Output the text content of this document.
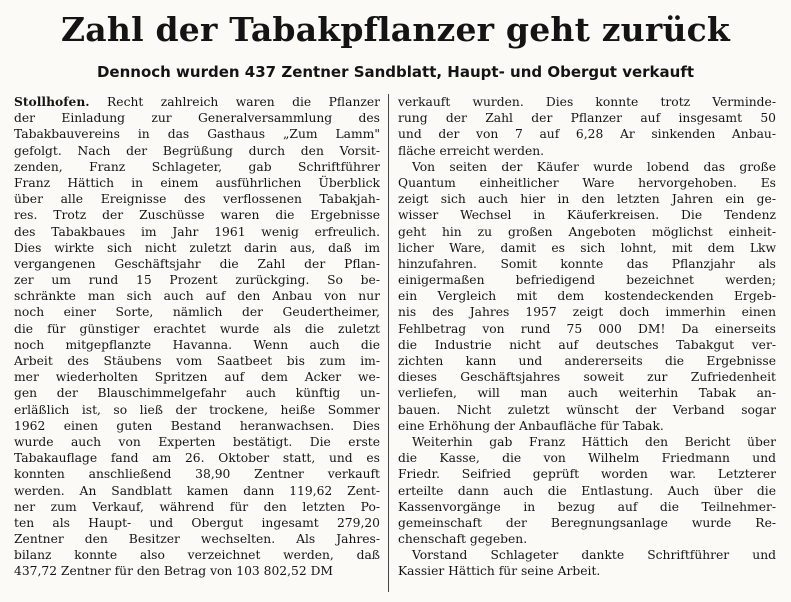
Zahl der Tabakpflanzer geht zurück
Dennoch wurden 437 Zentner Sandblatt, Haupt- und Obergut verkauft
Stollhofen. Recht zahlreich waren die Pflanzer
der Einladung zur Generalversammlung des
Tabakbauvereins in das Gasthaus „Zum Lamm"
gefolgt. Nach der Begrüßung durch den Vorsit-
zenden, Franz Schlageter, gab Schriftführer
Franz Hättich in einem ausführlichen Überblick
über alle Ereignisse des verflossenen Tabakjah-
res. Trotz der Zuschüsse waren die Ergebnisse
des Tabakbaues im Jahr 1961 wenig erfreulich.
Dies wirkte sich nicht zuletzt darin aus, daß im
vergangenen Geschäftsjahr die Zahl der Pflan-
zer um rund 15 Prozent zurückging. So be-
schränkte man sich auch auf den Anbau von nur
noch einer Sorte, nämlich der Geudertheimer,
die für günstiger erachtet wurde als die zuletzt
noch mitgepflanzte Havanna. Wenn auch die
Arbeit des Stäubens vom Saatbeet bis zum im-
mer wiederholten Spritzen auf dem Acker we-
gen der Blauschimmelgefahr auch künftig un-
erläßlich ist, so ließ der trockene, heiße Sommer
1962 einen guten Bestand heranwachsen. Dies
wurde auch von Experten bestätigt. Die erste
Tabakauflage fand am 26. Oktober statt, und es
konnten anschließend 38,90 Zentner verkauft
werden. An Sandblatt kamen dann 119,62 Zent-
ner zum Verkauf, während für den letzten Po-
ten als Haupt- und Obergut ingesamt 279,20
Zentner den Besitzer wechselten. Als Jahres-
bilanz konnte also verzeichnet werden, daß
437,72 Zentner für den Betrag von 103 802,52 DM
verkauft wurden. Dies konnte trotz Verminde-
rung der Zahl der Pflanzer auf insgesamt 50
und der von 7 auf 6,28 Ar sinkenden Anbau-
fläche erreicht werden.
Von seiten der Käufer wurde lobend das große
Quantum einheitlicher Ware hervorgehoben. Es
zeigt sich auch hier in den letzten Jahren ein ge-
wisser Wechsel in Käuferkreisen. Die Tendenz
geht hin zu großen Angeboten möglichst einheit-
licher Ware, damit es sich lohnt, mit dem Lkw
hinzufahren. Somit konnte das Pflanzjahr als
einigermaßen befriedigend bezeichnet werden;
ein Vergleich mit dem kostendeckenden Ergeb-
nis des Jahres 1957 zeigt doch immerhin einen
Fehlbetrag von rund 75 000 DM! Da einerseits
die Industrie nicht auf deutsches Tabakgut ver-
zichten kann und andererseits die Ergebnisse
dieses Geschäftsjahres soweit zur Zufriedenheit
verliefen, will man auch weiterhin Tabak an-
bauen. Nicht zuletzt wünscht der Verband sogar
eine Erhöhung der Anbaufläche für Tabak.
Weiterhin gab Franz Hättich den Bericht über
die Kasse, die von Wilhelm Friedmann und
Friedr. Seifried geprüft worden war. Letzterer
erteilte dann auch die Entlastung. Auch über die
Kassenvorgänge in bezug auf die Teilnehmer-
gemeinschaft der Beregnungsanlage wurde Re-
chenschaft gegeben.
Vorstand Schlageter dankte Schriftführer und
Kassier Hättich für seine Arbeit.
